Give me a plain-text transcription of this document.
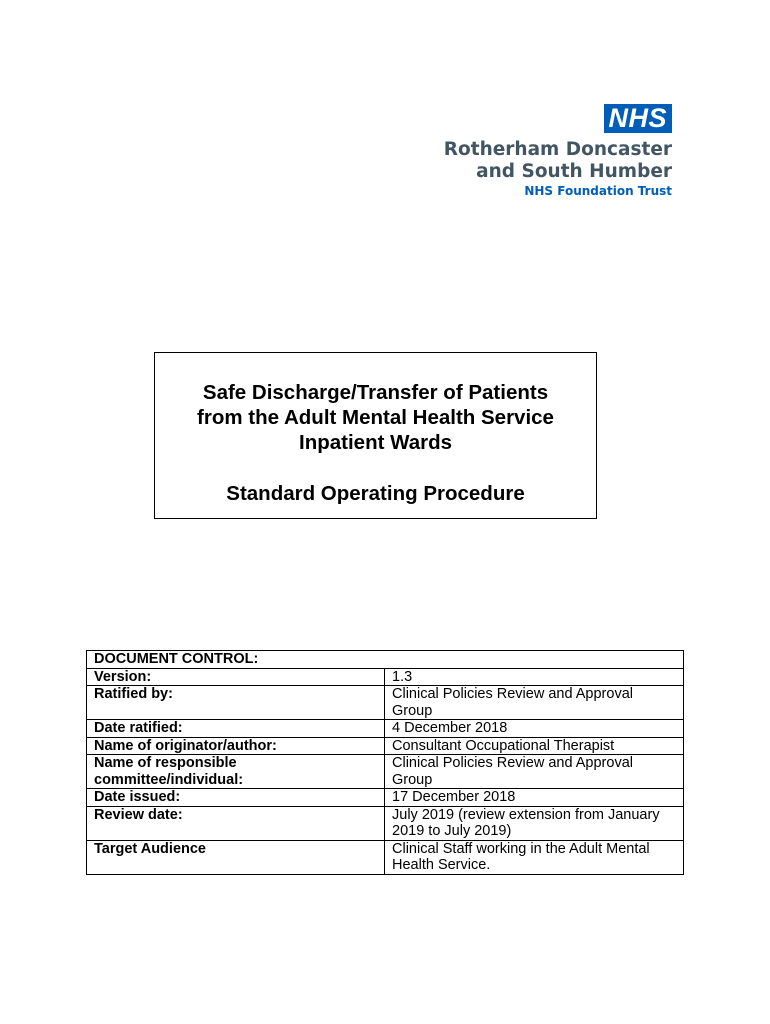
NHS
Rotherham Doncaster
and South Humber
NHS Foundation Trust
Safe Discharge/Transfer of Patients
from the Adult Mental Health Service
Inpatient Wards
Standard Operating Procedure
DOCUMENT CONTROL:	
Version:	1.3
Ratified by:	Clinical Policies Review and Approval Group
Date ratified:	4 December 2018
Name of originator/author:	Consultant Occupational Therapist
Name of responsible committee/individual:	Clinical Policies Review and Approval Group
Date issued:	17 December 2018
Review date:	July 2019 (review extension from January 2019 to July 2019)
Target Audience	Clinical Staff working in the Adult Mental Health Service.
